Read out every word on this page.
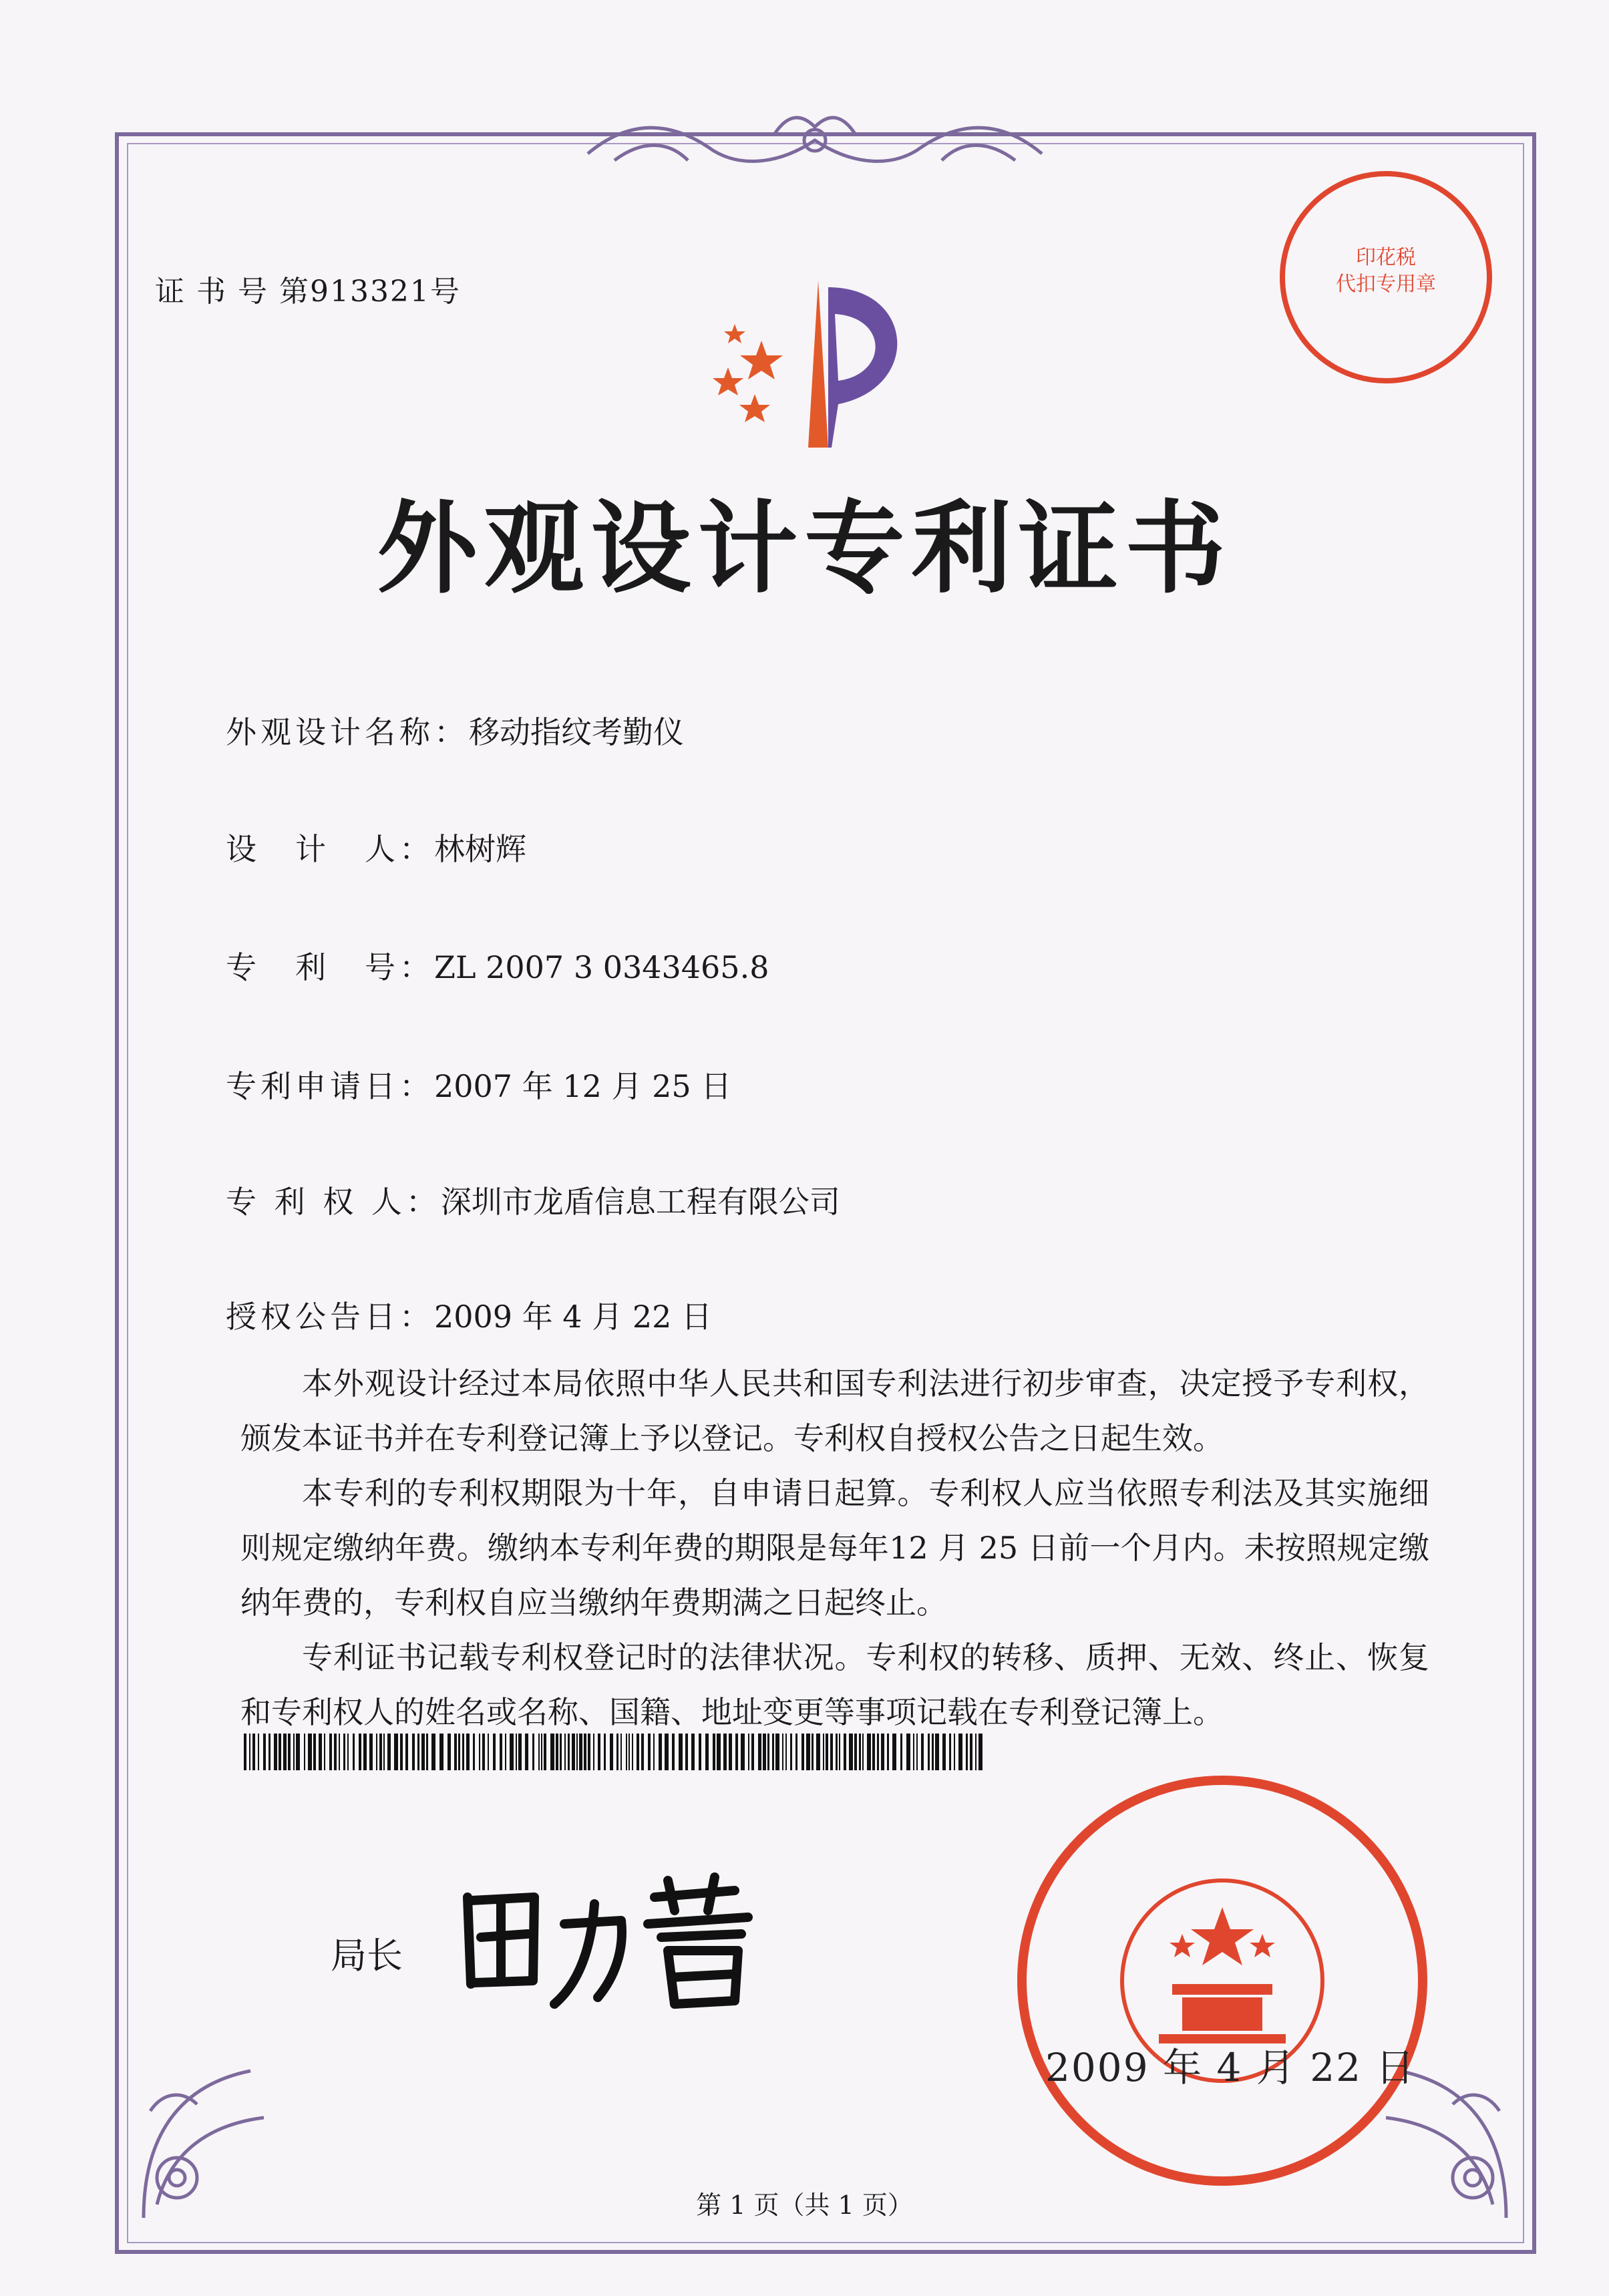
证 书 号 第913321号
外观设计专利证书
外观设计名称：移动指纹考勤仪
设　计　人：林树辉
专　利　号：ZL 2007 3 0343465.8
专利申请日：2007 年 12 月 25 日
专 利 权 人：深圳市龙盾信息工程有限公司
授权公告日：2009 年 4 月 22 日

本外观设计经过本局依照中华人民共和国专利法进行初步审查，决定授予专利权，颁发本证书并在专利登记簿上予以登记。专利权自授权公告之日起生效。

本专利的专利权期限为十年，自申请日起算。专利权人应当依照专利法及其实施细则规定缴纳年费。缴纳本专利年费的期限是每年12 月 25 日前一个月内。未按照规定缴纳年费的，专利权自应当缴纳年费期满之日起终止。

专利证书记载专利权登记时的法律状况。专利权的转移、质押、无效、终止、恢复和专利权人的姓名或名称、国籍、地址变更等事项记载在专利登记簿上。

局长
2009 年 4 月 22 日
印花税
代扣专用章
第 1 页（共 1 页）
